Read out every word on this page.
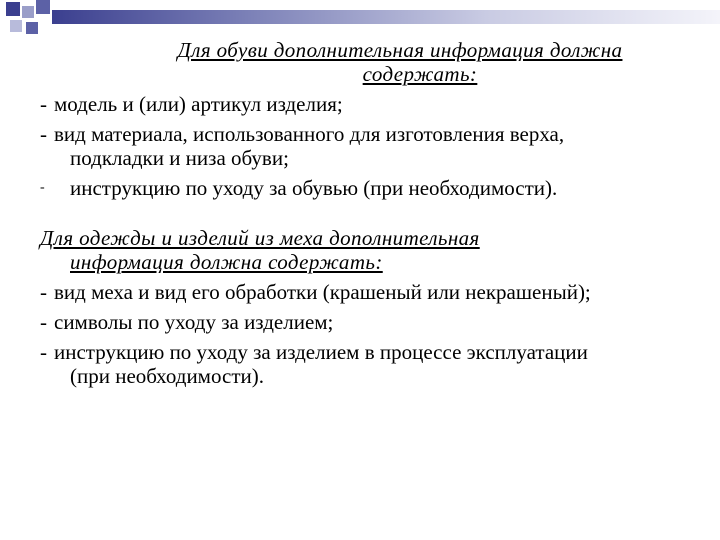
Для обуви дополнительная информация должна
содержать:
- модель и (или) артикул изделия;
- вид материала, использованного для изготовления верха,
подкладки и низа обуви;
-	инструкцию по уходу за обувью (при необходимости).
Для одежды и изделий из меха дополнительная
информация должна содержать:
- вид меха и вид его обработки (крашеный или некрашеный);
- символы по уходу за изделием;
- инструкцию по уходу за изделием в процессе эксплуатации
(при необходимости).
